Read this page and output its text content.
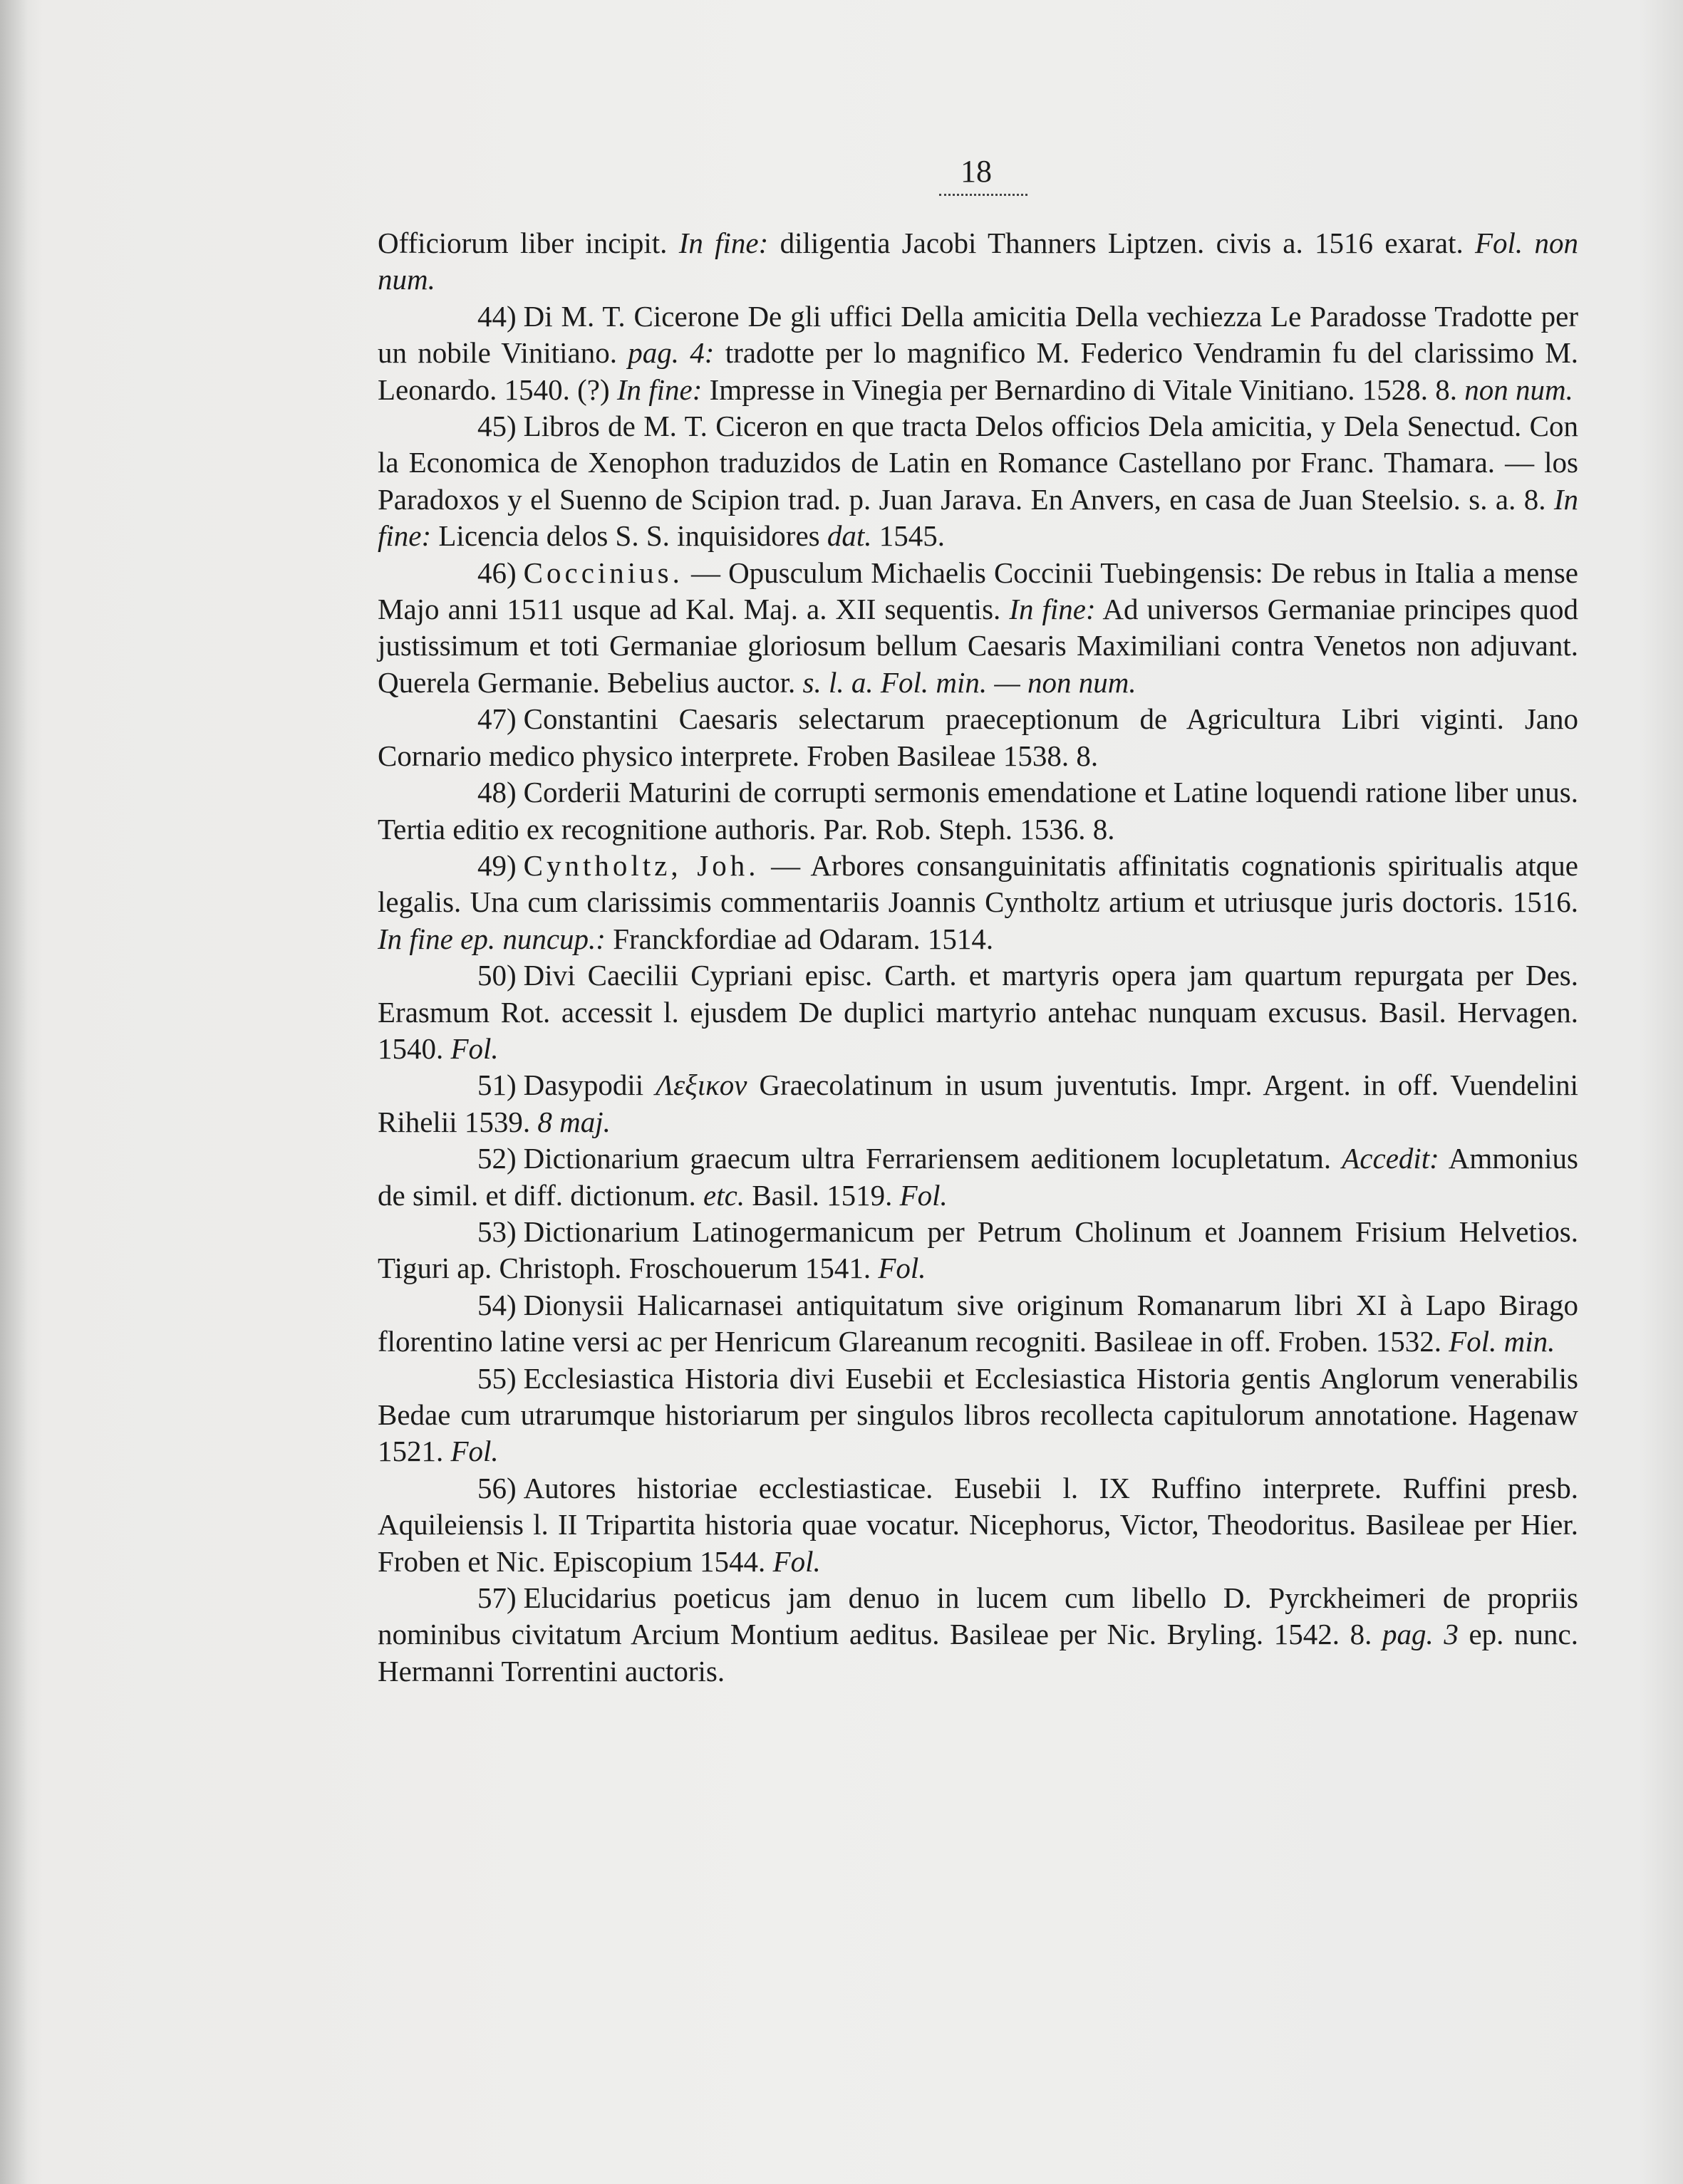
18

Officiorum liber incipit. In fine: diligentia Jacobi Thanners Liptzen. civis a. 1516 exarat. Fol. non num.

44) Di M. T. Cicerone De gli uffici Della amicitia Della vechiezza Le Paradosse Tradotte per un nobile Vinitiano. pag. 4: tradotte per lo magnifico M. Federico Vendramin fu del clarissimo M. Leonardo. 1540. (?) In fine: Impresse in Vinegia per Bernardino di Vitale Vinitiano. 1528. 8. non num.

45) Libros de M. T. Ciceron en que tracta Delos officios Dela amicitia, y Dela Senectud. Con la Economica de Xenophon traduzidos de Latin en Romance Castellano por Franc. Thamara. — los Paradoxos y el Suenno de Scipion trad. p. Juan Jarava. En Anvers, en casa de Juan Steelsio. s. a. 8. In fine: Licencia delos S. S. inquisidores dat. 1545.

46) Coccinius. — Opusculum Michaelis Coccinii Tuebingensis: De rebus in Italia a mense Majo anni 1511 usque ad Kal. Maj. a. XII sequentis. In fine: Ad universos Germaniae principes quod justissimum et toti Germaniae gloriosum bellum Caesaris Maximiliani contra Venetos non adjuvant. Querela Germanie. Bebelius auctor. s. l. a. Fol. min. — non num.

47) Constantini Caesaris selectarum praeceptionum de Agricultura Libri viginti. Jano Cornario medico physico interprete. Froben Basileae 1538. 8.

48) Corderii Maturini de corrupti sermonis emendatione et Latine loquendi ratione liber unus. Tertia editio ex recognitione authoris. Par. Rob. Steph. 1536. 8.

49) Cyntholtz, Joh. — Arbores consanguinitatis affinitatis cognationis spiritualis atque legalis. Una cum clarissimis commentariis Joannis Cyntholtz artium et utriusque juris doctoris. 1516. In fine ep. nuncup.: Franckfordiae ad Odaram. 1514.

50) Divi Caecilii Cypriani episc. Carth. et martyris opera jam quartum repurgata per Des. Erasmum Rot. accessit l. ejusdem De duplici martyrio antehac nunquam excusus. Basil. Hervagen. 1540. Fol.

51) Dasypodii Λεξικον Graecolatinum in usum juventutis. Impr. Argent. in off. Vuendelini Rihelii 1539. 8 maj.

52) Dictionarium graecum ultra Ferrariensem aeditionem locupletatum. Accedit: Ammonius de simil. et diff. dictionum. etc. Basil. 1519. Fol.

53) Dictionarium Latinogermanicum per Petrum Cholinum et Joannem Frisium Helvetios. Tiguri ap. Christoph. Froschouerum 1541. Fol.

54) Dionysii Halicarnasei antiquitatum sive originum Romanarum libri XI à Lapo Birago florentino latine versi ac per Henricum Glareanum recogniti. Basileae in off. Froben. 1532. Fol. min.

55) Ecclesiastica Historia divi Eusebii et Ecclesiastica Historia gentis Anglorum venerabilis Bedae cum utrarumque historiarum per singulos libros recollecta capitulorum annotatione. Hagenaw 1521. Fol.

56) Autores historiae ecclestiasticae. Eusebii l. IX Ruffino interprete. Ruffini presb. Aquileiensis l. II Tripartita historia quae vocatur. Nicephorus, Victor, Theodoritus. Basileae per Hier. Froben et Nic. Episcopium 1544. Fol.

57) Elucidarius poeticus jam denuo in lucem cum libello D. Pyrckheimeri de propriis nominibus civitatum Arcium Montium aeditus. Basileae per Nic. Bryling. 1542. 8. pag. 3 ep. nunc. Hermanni Torrentini auctoris.
